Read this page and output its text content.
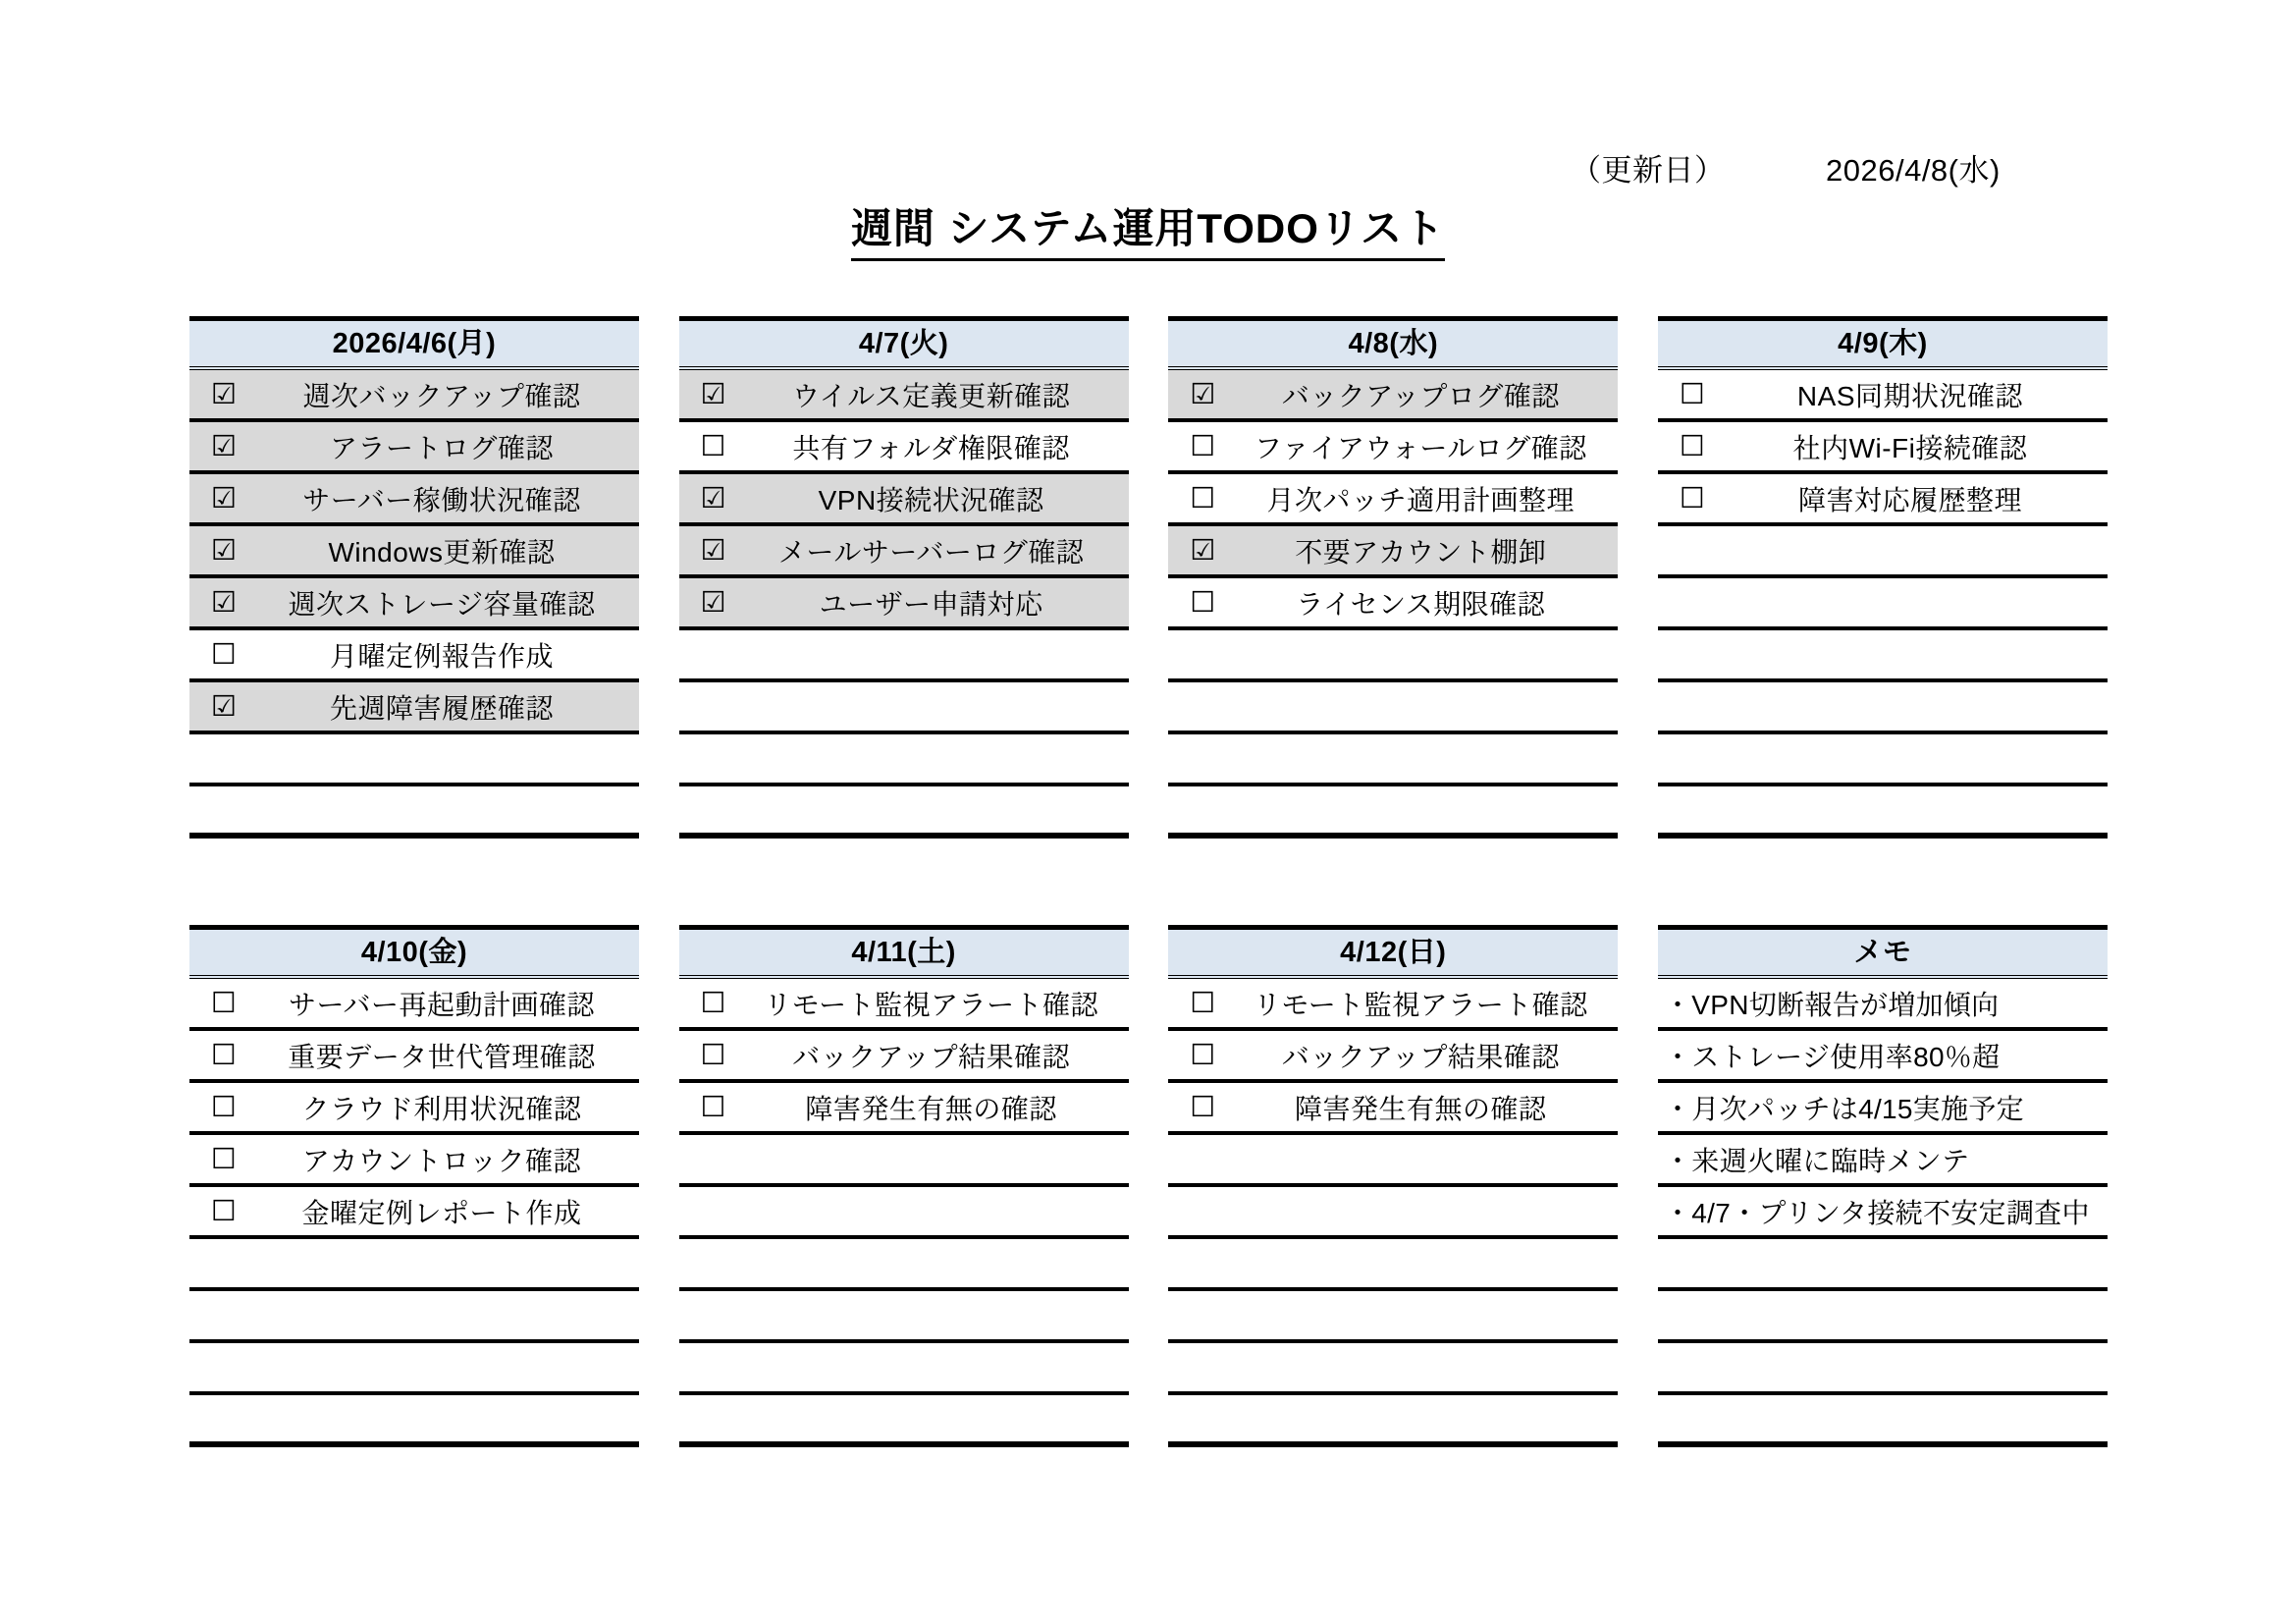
（更新日）	2026/4/8(水)
週間 システム運用TODOリスト
2026/4/6(月)
☑	週次バックアップ確認
☑	アラートログ確認
☑	サーバー稼働状況確認
☑	Windows更新確認
☑	週次ストレージ容量確認
☐	月曜定例報告作成
☑	先週障害履歴確認
4/7(火)
☑	ウイルス定義更新確認
☐	共有フォルダ権限確認
☑	VPN接続状況確認
☑	メールサーバーログ確認
☑	ユーザー申請対応
4/8(水)
☑	バックアップログ確認
☐	ファイアウォールログ確認
☐	月次パッチ適用計画整理
☑	不要アカウント棚卸
☐	ライセンス期限確認
4/9(木)
☐	NAS同期状況確認
☐	社内Wi-Fi接続確認
☐	障害対応履歴整理
4/10(金)
☐	サーバー再起動計画確認
☐	重要データ世代管理確認
☐	クラウド利用状況確認
☐	アカウントロック確認
☐	金曜定例レポート作成
4/11(土)
☐	リモート監視アラート確認
☐	バックアップ結果確認
☐	障害発生有無の確認
4/12(日)
☐	リモート監視アラート確認
☐	バックアップ結果確認
☐	障害発生有無の確認
メモ
・VPN切断報告が増加傾向
・ストレージ使用率80％超
・月次パッチは4/15実施予定
・来週火曜に臨時メンテ
・4/7・プリンタ接続不安定調査中
